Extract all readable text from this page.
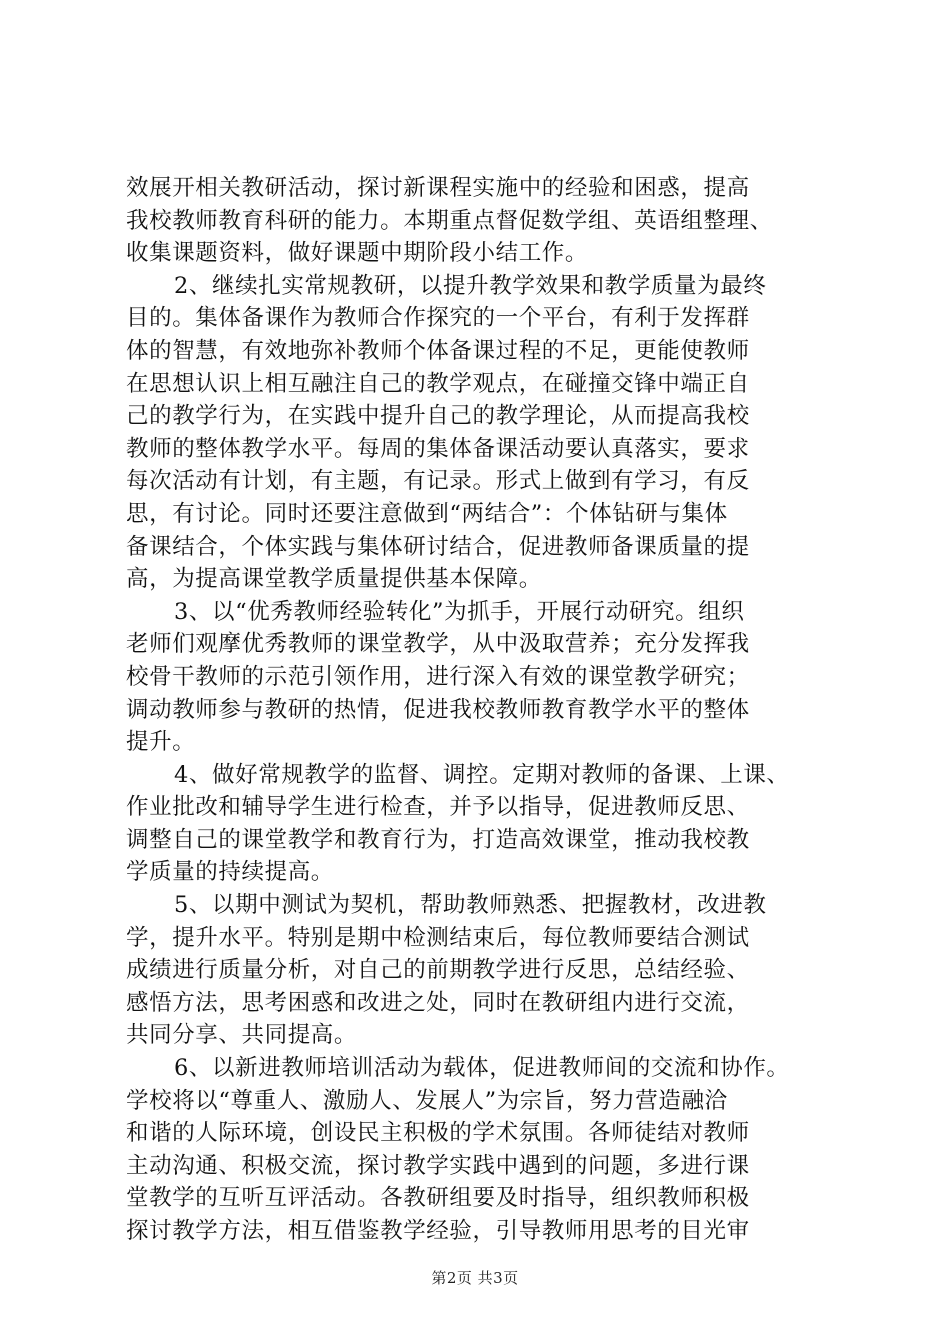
效展开相关教研活动，探讨新课程实施中的经验和困惑，提高
我校教师教育科研的能力。本期重点督促数学组、英语组整理、
收集课题资料，做好课题中期阶段小结工作。
2、继续扎实常规教研，以提升教学效果和教学质量为最终
目的。集体备课作为教师合作探究的一个平台，有利于发挥群
体的智慧，有效地弥补教师个体备课过程的不足，更能使教师
在思想认识上相互融注自己的教学观点，在碰撞交锋中端正自
己的教学行为，在实践中提升自己的教学理论，从而提高我校
教师的整体教学水平。每周的集体备课活动要认真落实，要求
每次活动有计划，有主题，有记录。形式上做到有学习，有反
思，有讨论。同时还要注意做到“两结合”：个体钻研与集体
备课结合，个体实践与集体研讨结合，促进教师备课质量的提
高，为提高课堂教学质量提供基本保障。
3、以“优秀教师经验转化”为抓手，开展行动研究。组织
老师们观摩优秀教师的课堂教学，从中汲取营养；充分发挥我
校骨干教师的示范引领作用，进行深入有效的课堂教学研究；
调动教师参与教研的热情，促进我校教师教育教学水平的整体
提升。
4、做好常规教学的监督、调控。定期对教师的备课、上课、
作业批改和辅导学生进行检查，并予以指导，促进教师反思、
调整自己的课堂教学和教育行为，打造高效课堂，推动我校教
学质量的持续提高。
5、以期中测试为契机，帮助教师熟悉、把握教材，改进教
学，提升水平。特别是期中检测结束后，每位教师要结合测试
成绩进行质量分析，对自己的前期教学进行反思，总结经验、
感悟方法，思考困惑和改进之处，同时在教研组内进行交流，
共同分享、共同提高。
6、以新进教师培训活动为载体，促进教师间的交流和协作。
学校将以“尊重人、激励人、发展人”为宗旨，努力营造融洽
和谐的人际环境，创设民主积极的学术氛围。各师徒结对教师
主动沟通、积极交流，探讨教学实践中遇到的问题，多进行课
堂教学的互听互评活动。各教研组要及时指导，组织教师积极
探讨教学方法，相互借鉴教学经验，引导教师用思考的目光审
第2页 共3页
